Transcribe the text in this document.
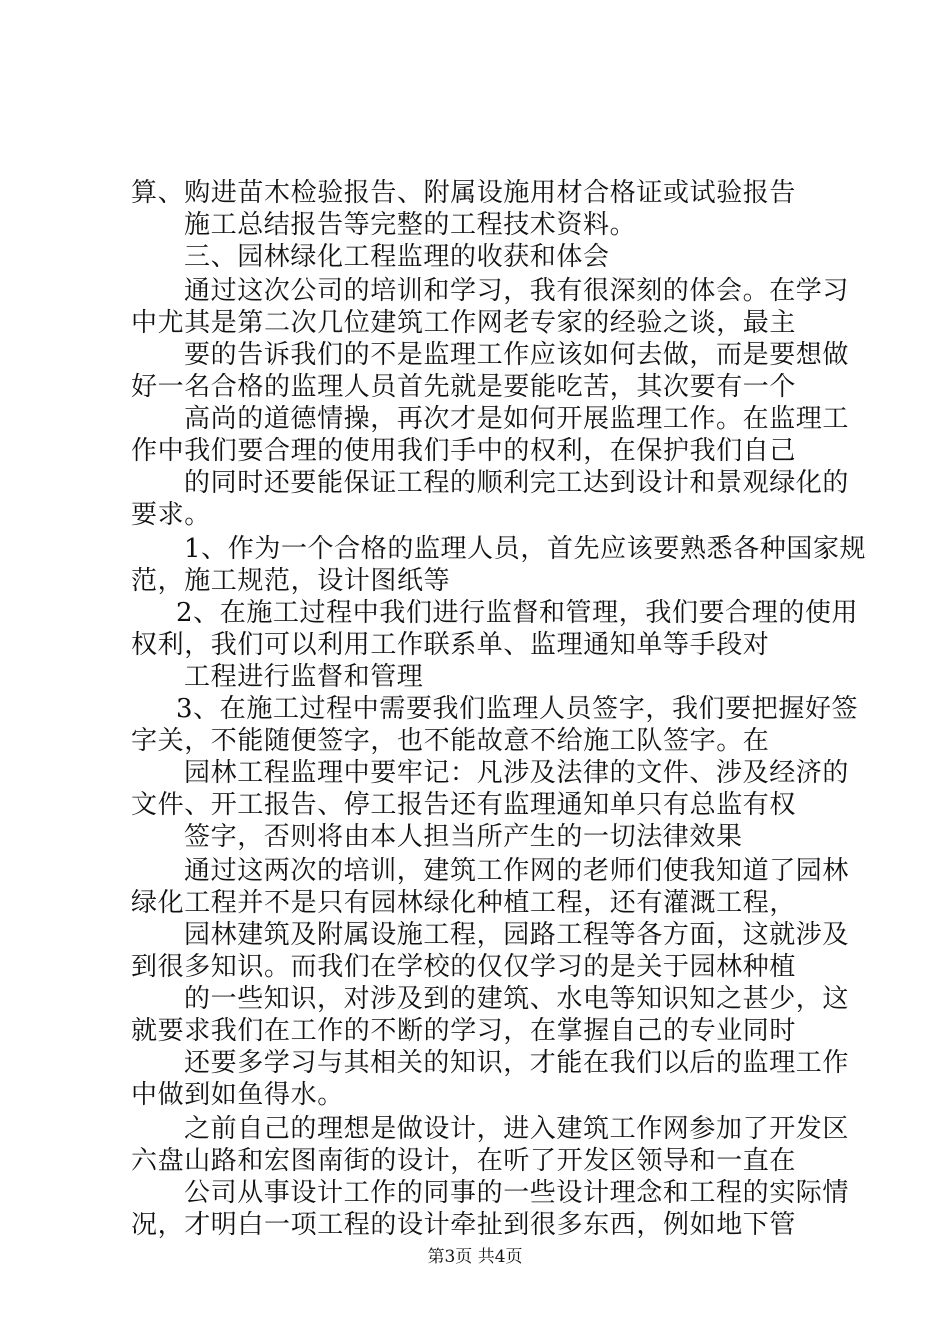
算、购进苗木检验报告、附属设施用材合格证或试验报告
施工总结报告等完整的工程技术资料。
三、园林绿化工程监理的收获和体会
通过这次公司的培训和学习，我有很深刻的体会。在学习
中尤其是第二次几位建筑工作网老专家的经验之谈，最主
要的告诉我们的不是监理工作应该如何去做，而是要想做
好一名合格的监理人员首先就是要能吃苦，其次要有一个
高尚的道德情操，再次才是如何开展监理工作。在监理工
作中我们要合理的使用我们手中的权利，在保护我们自己
的同时还要能保证工程的顺利完工达到设计和景观绿化的
要求。
1、作为一个合格的监理人员，首先应该要熟悉各种国家规
范，施工规范，设计图纸等
2、在施工过程中我们进行监督和管理，我们要合理的使用
权利，我们可以利用工作联系单、监理通知单等手段对
工程进行监督和管理
3、在施工过程中需要我们监理人员签字，我们要把握好签
字关，不能随便签字，也不能故意不给施工队签字。在
园林工程监理中要牢记：凡涉及法律的文件、涉及经济的
文件、开工报告、停工报告还有监理通知单只有总监有权
签字，否则将由本人担当所产生的一切法律效果
通过这两次的培训，建筑工作网的老师们使我知道了园林
绿化工程并不是只有园林绿化种植工程，还有灌溉工程，
园林建筑及附属设施工程，园路工程等各方面，这就涉及
到很多知识。而我们在学校的仅仅学习的是关于园林种植
的一些知识，对涉及到的建筑、水电等知识知之甚少，这
就要求我们在工作的不断的学习，在掌握自己的专业同时
还要多学习与其相关的知识，才能在我们以后的监理工作
中做到如鱼得水。
之前自己的理想是做设计，进入建筑工作网参加了开发区
六盘山路和宏图南街的设计，在听了开发区领导和一直在
公司从事设计工作的同事的一些设计理念和工程的实际情
况，才明白一项工程的设计牵扯到很多东西，例如地下管
第3页 共4页
